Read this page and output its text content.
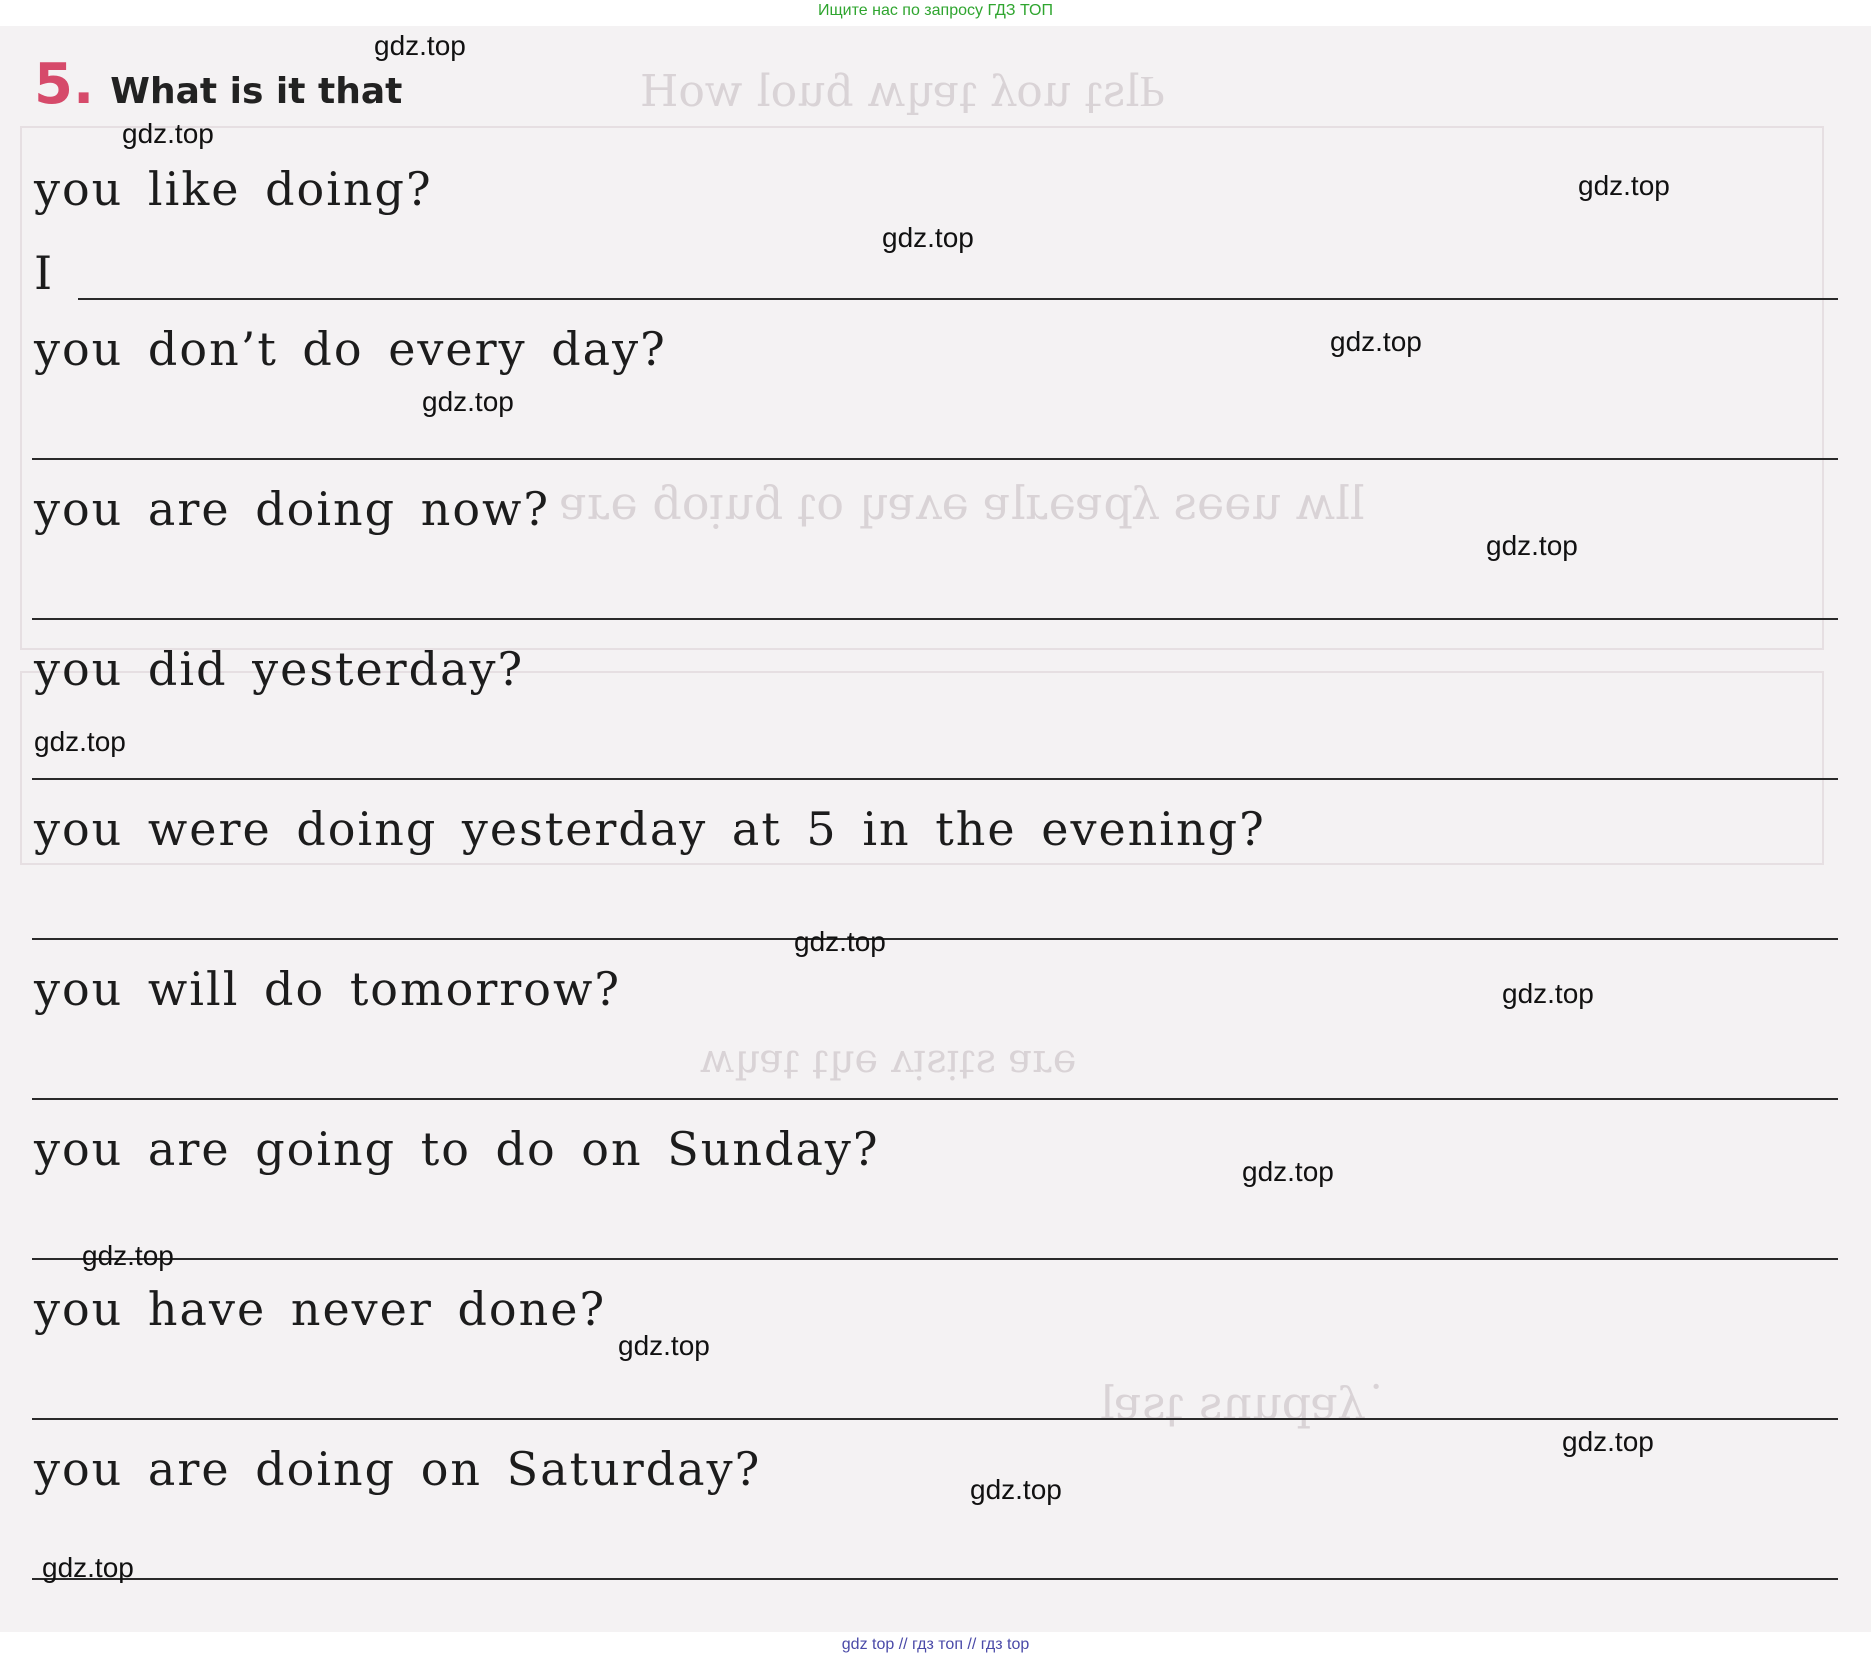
Ищите нас по запросу ГДЗ ТОП
Ԁlsʇ uoʎ ʇɐɥʍ ɓuol woH
llʍ uǝǝs ʎpɐǝɹlɐ ǝʌɐɥ oʇ ɓuᴉoɓ ǝɹɐ
ǝɹɐ sʇᴉsᴉʌ ǝɥʇ ʇɐɥʍ
˙ʎɐpuns ʇsɐl
5. What is it that
you like doing?
I
you don’t do every day?
you are doing now?
you did yesterday?
you were doing yesterday at 5 in the evening?
you will do tomorrow?
you are going to do on Sunday?
you have never done?
you are doing on Saturday?
gdz.top
gdz.top
gdz.top
gdz.top
gdz.top
gdz.top
gdz.top
gdz.top
gdz.top
gdz.top
gdz.top
gdz.top
gdz.top
gdz.top
gdz.top
gdz.top
gdz top // гдз топ // гдз top
